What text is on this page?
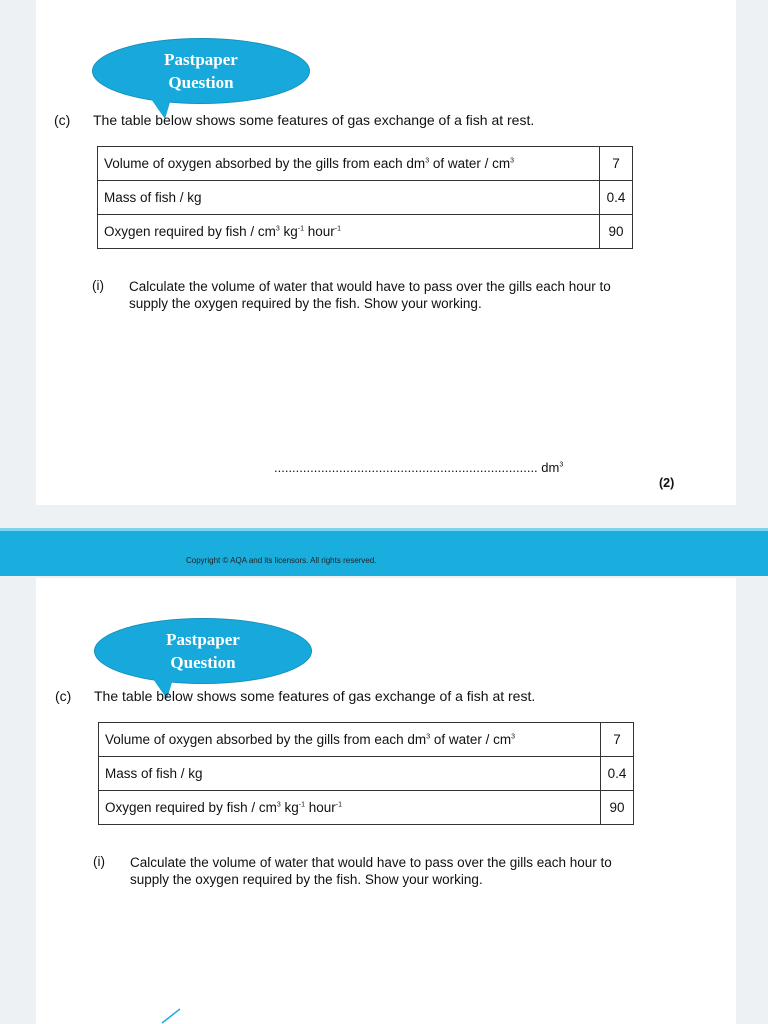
Pastpaper
Question
(c) The table below shows some features of gas exchange of a fish at rest.
Volume of oxygen absorbed by the gills from each $dm^3$ of water / $cm^3$	7
Mass of fish / kg	0.4
Oxygen required by fish / $cm^3$ $kg^{-1}$ hour$^{-1}$	90
(i) Calculate the volume of water that would have to pass over the gills each hour to supply the oxygen required by the fish. Show your working.
......................................................................... $dm^3$
(2)
Copyright © AQA and its licensors. All rights reserved.
Pastpaper
Question
(c) The table below shows some features of gas exchange of a fish at rest.
Volume of oxygen absorbed by the gills from each $dm^3$ of water / $cm^3$	7
Mass of fish / kg	0.4
Oxygen required by fish / $cm^3$ $kg^{-1}$ hour$^{-1}$	90
(i) Calculate the volume of water that would have to pass over the gills each hour to supply the oxygen required by the fish. Show your working.
